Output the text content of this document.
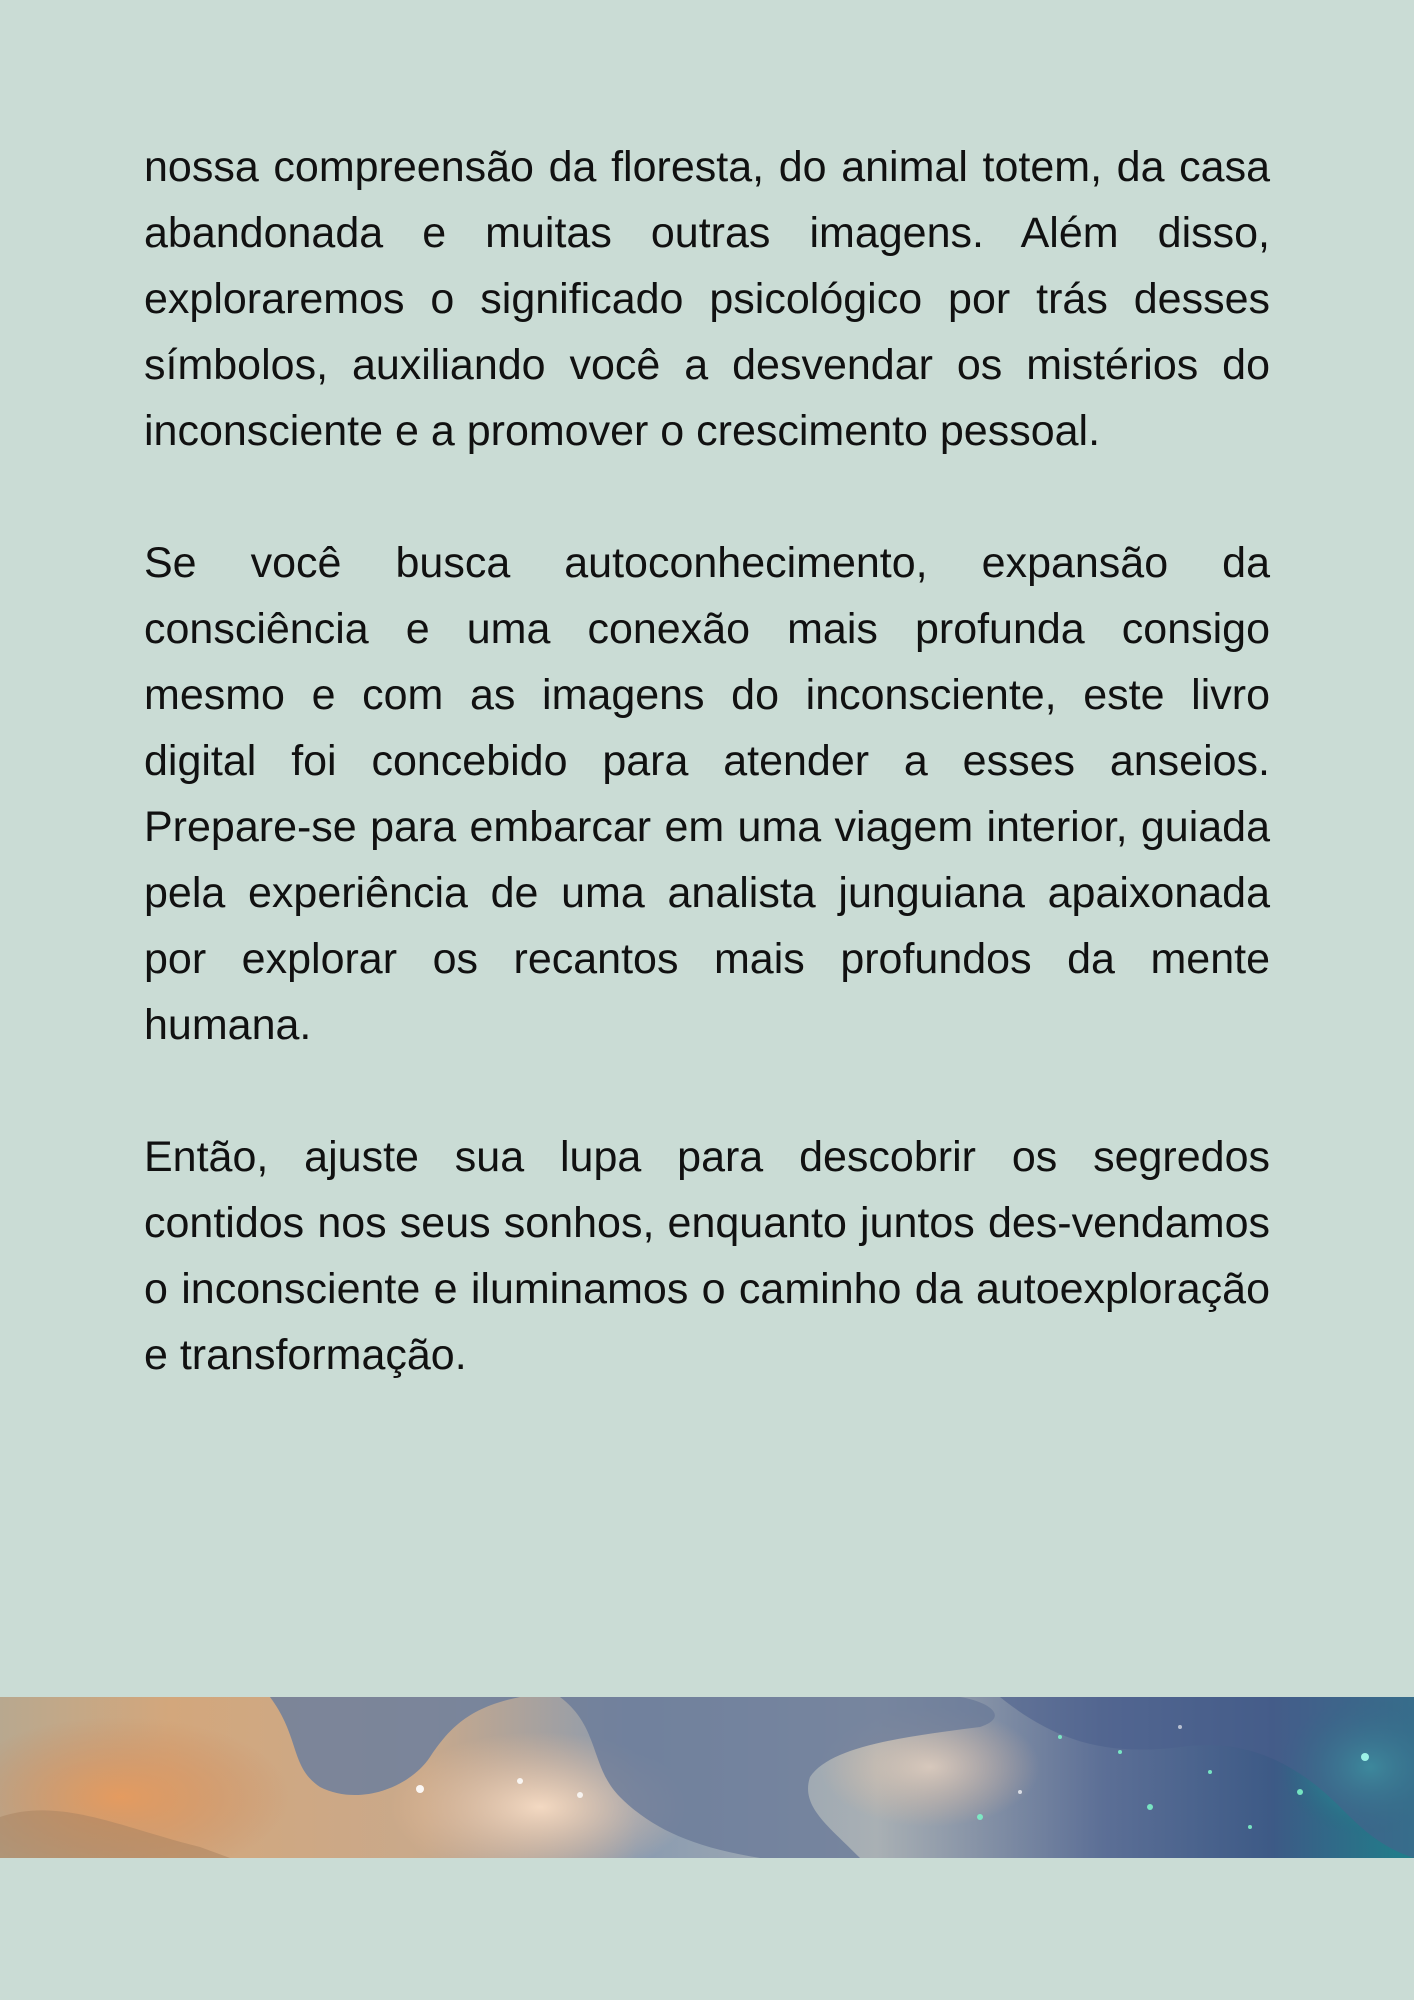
nossa compreensão da floresta, do animal totem, da casa abandonada e muitas outras imagens. Além disso, exploraremos o significado psicológico por trás desses símbolos, auxiliando você a desvendar os mistérios do inconsciente e a promover o crescimento pessoal.

Se você busca autoconhecimento, expansão da consciência e uma conexão mais profunda consigo mesmo e com as imagens do inconsciente, este livro digital foi concebido para atender a esses anseios. Prepare-se para embarcar em uma viagem interior, guiada pela experiência de uma analista junguiana apaixonada por explorar os recantos mais profundos da mente humana.

Então, ajuste sua lupa para descobrir os segredos contidos nos seus sonhos, enquanto juntos des-vendamos o inconsciente e iluminamos o caminho da autoexploração e transformação.
